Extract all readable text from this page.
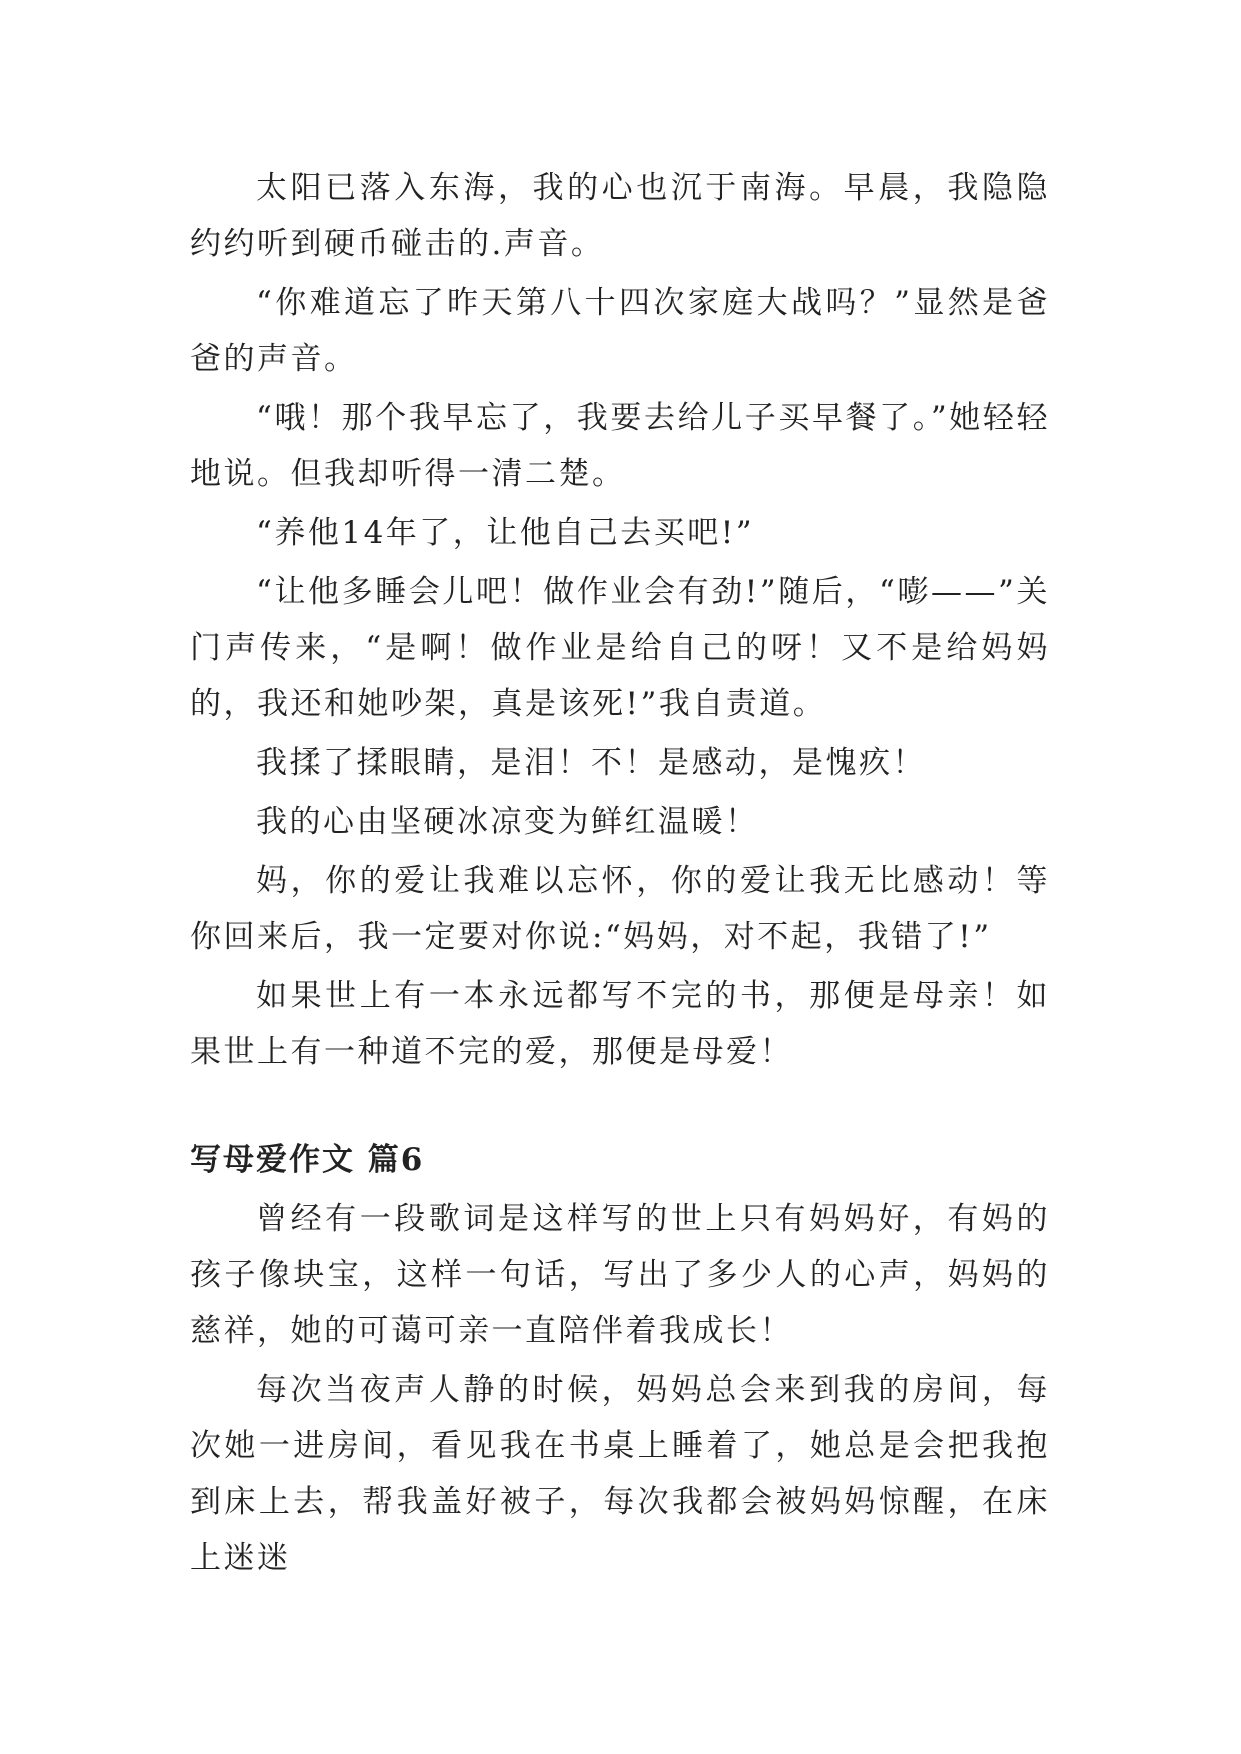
太阳已落入东海，我的心也沉于南海。早晨，我隐隐约约听到硬币碰击的.声音。

“你难道忘了昨天第八十四次家庭大战吗？”显然是爸爸的声音。

“哦！那个我早忘了，我要去给儿子买早餐了。”她轻轻地说。但我却听得一清二楚。

“养他14年了，让他自己去买吧!”

“让他多睡会儿吧！做作业会有劲!”随后，“嘭——”关门声传来，“是啊！做作业是给自己的呀！又不是给妈妈的，我还和她吵架，真是该死!”我自责道。

我揉了揉眼睛，是泪！不！是感动，是愧疚！

我的心由坚硬冰凉变为鲜红温暖！

妈，你的爱让我难以忘怀，你的爱让我无比感动！等你回来后，我一定要对你说:“妈妈，对不起，我错了!”

如果世上有一本永远都写不完的书，那便是母亲！如果世上有一种道不完的爱，那便是母爱！

写母爱作文 篇6

曾经有一段歌词是这样写的世上只有妈妈好，有妈的孩子像块宝，这样一句话，写出了多少人的心声，妈妈的慈祥，她的可蔼可亲一直陪伴着我成长！

每次当夜声人静的时候，妈妈总会来到我的房间，每次她一进房间，看见我在书桌上睡着了，她总是会把我抱到床上去，帮我盖好被子，每次我都会被妈妈惊醒，在床上迷迷
